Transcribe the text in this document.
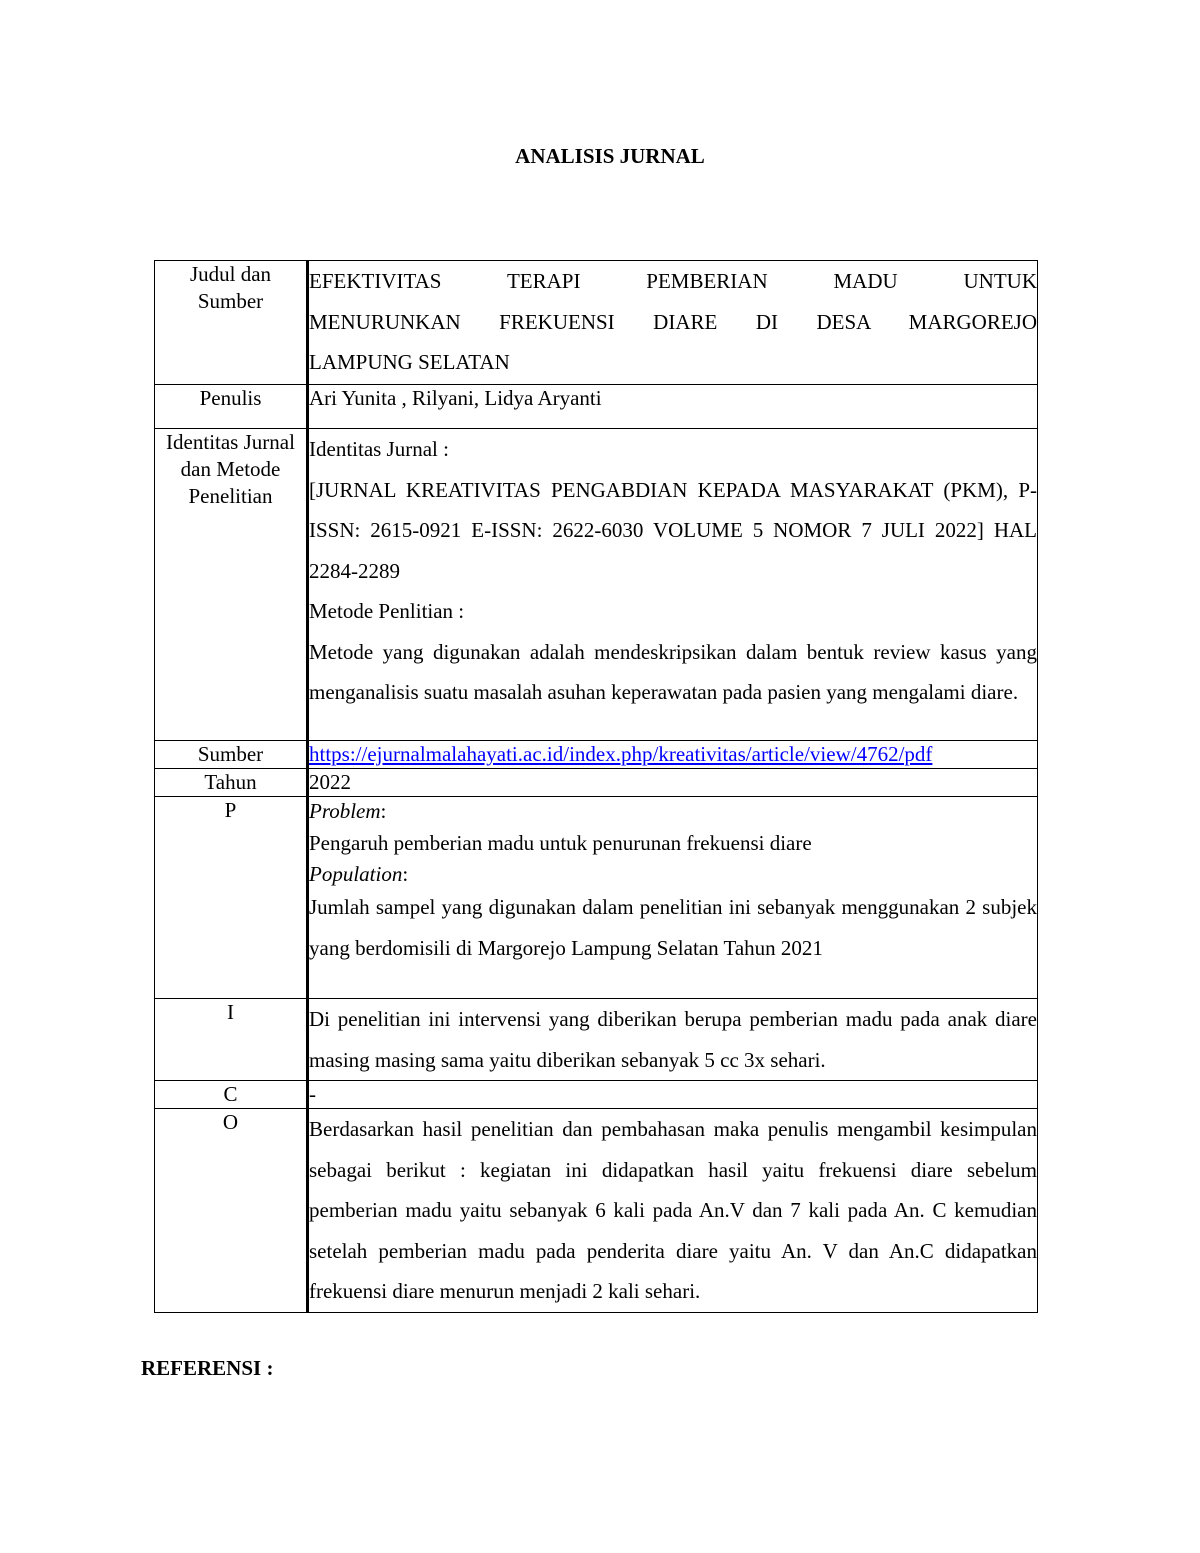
ANALISIS JURNAL
Judul dan Sumber	EFEKTIVITAS TERAPI PEMBERIAN MADU UNTUK
MENURUNKAN FREKUENSI DIARE DI DESA MARGOREJO
LAMPUNG SELATAN

Penulis	Ari Yunita , Rilyani, Lidya Aryanti
Identitas Jurnal dan Metode Penelitian	Identitas Jurnal :
[JURNAL KREATIVITAS PENGABDIAN KEPADA MASYARAKAT (PKM), P-ISSN: 2615-0921 E-ISSN: 2622-6030 VOLUME 5 NOMOR 7 JULI 2022] HAL 2284-2289
Metode Penlitian :
Metode yang digunakan adalah mendeskripsikan dalam bentuk review kasus yang menganalisis suatu masalah asuhan keperawatan pada pasien yang mengalami diare.

Sumber	https://ejurnalmalahayati.ac.id/index.php/kreativitas/article/view/4762/pdf
Tahun	2022
P	Problem:
Pengaruh pemberian madu untuk penurunan frekuensi diare
Population:
Jumlah sampel yang digunakan dalam penelitian ini sebanyak menggunakan 2 subjek yang berdomisili di Margorejo Lampung Selatan Tahun 2021

I	Di penelitian ini intervensi yang diberikan berupa pemberian madu pada anak diare masing masing sama yaitu diberikan sebanyak 5 cc 3x sehari.
C	-
O	Berdasarkan hasil penelitian dan pembahasan maka penulis mengambil kesimpulan sebagai berikut : kegiatan ini didapatkan hasil yaitu frekuensi diare sebelum pemberian madu yaitu sebanyak 6 kali pada An.V dan 7 kali pada An. C kemudian setelah pemberian madu pada penderita diare yaitu An. V dan An.C didapatkan frekuensi diare menurun menjadi 2 kali sehari.
REFERENSI :
